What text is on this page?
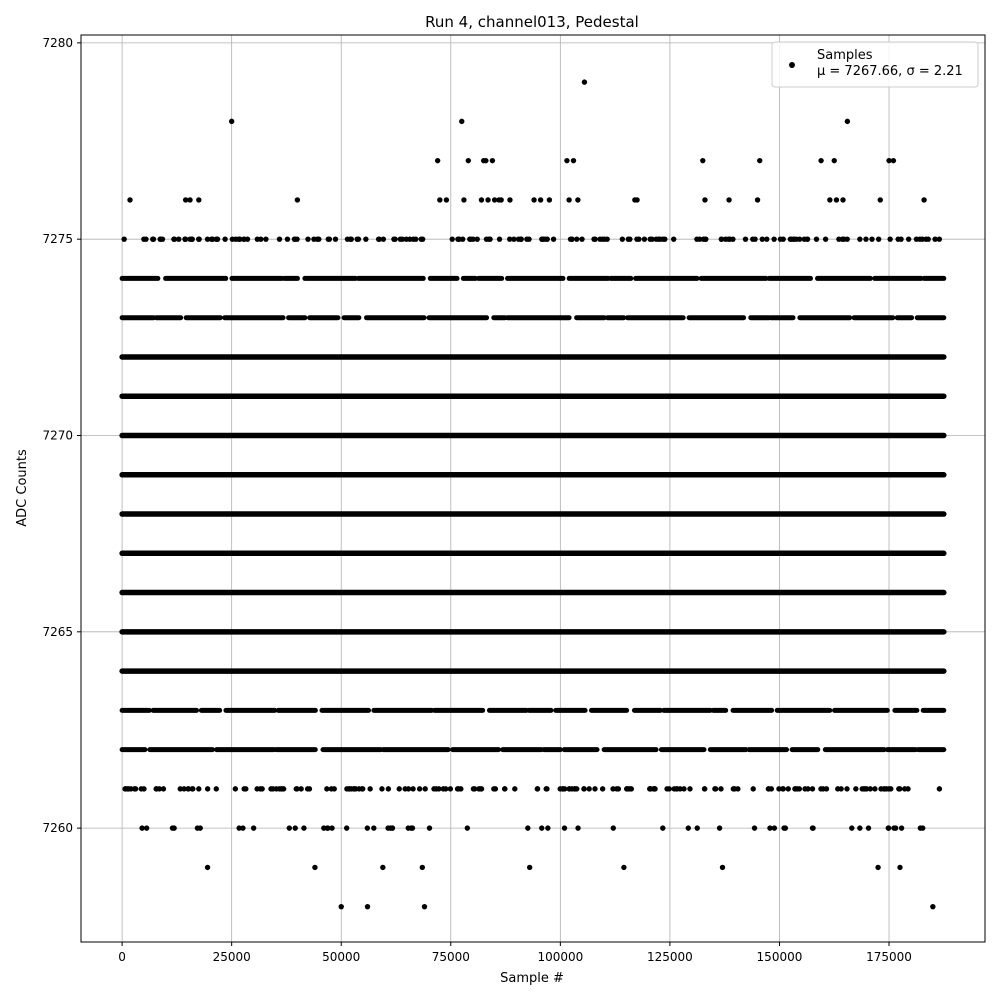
Run 4, channel013, Pedestal
0	25000	50000	75000	100000	125000	150000	175000
7260
7265
7270
7275
7280
Sample #
ADC Counts
Samples
μ = 7267.66, σ = 2.21
